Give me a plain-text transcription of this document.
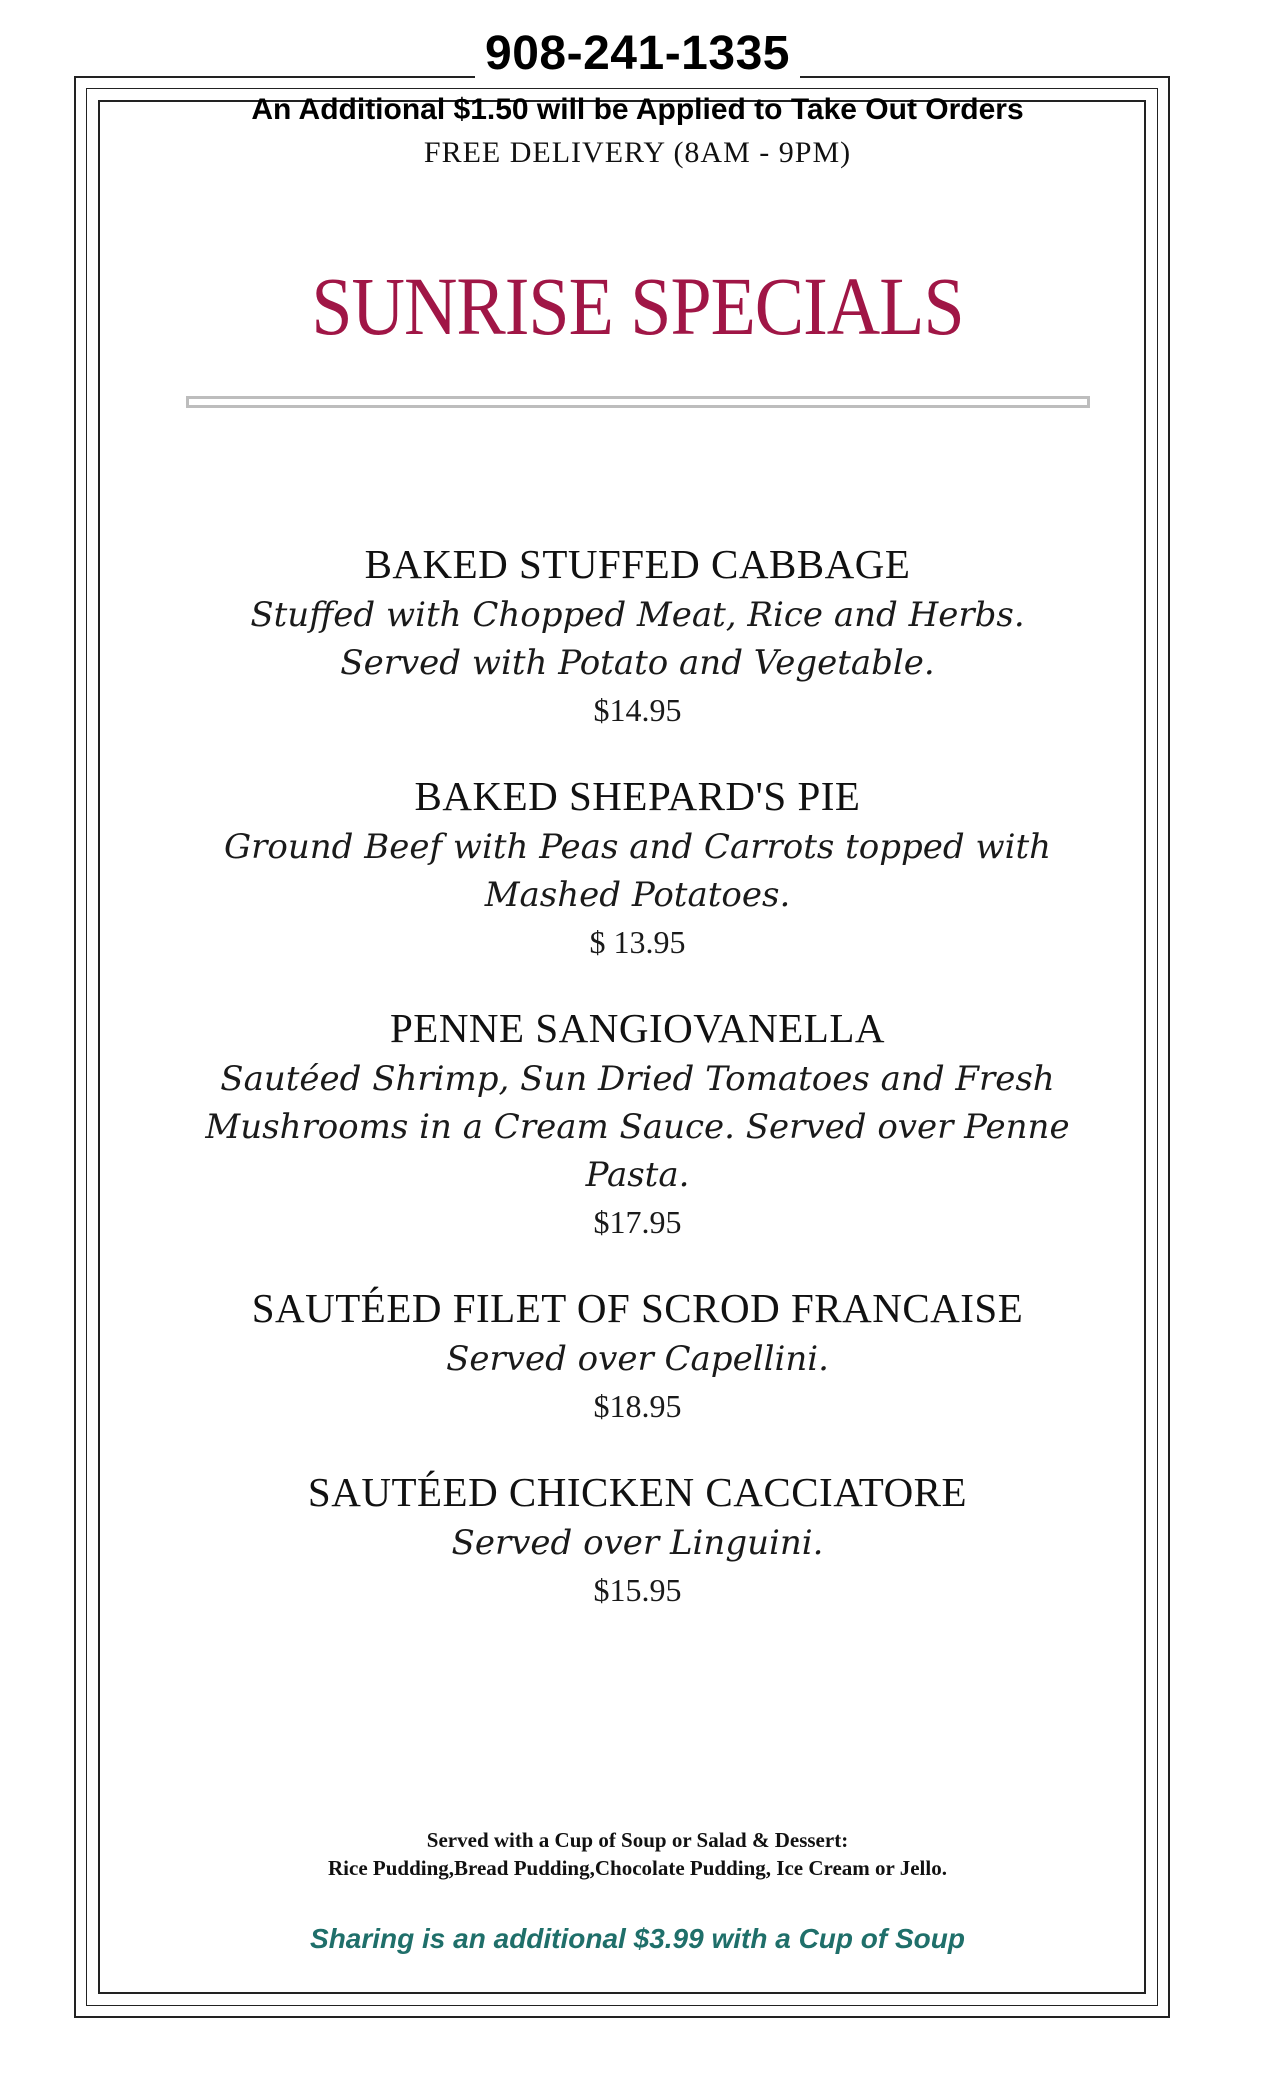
908-241-1335
An Additional $1.50 will be Applied to Take Out Orders
FREE DELIVERY (8AM - 9PM)
SUNRISE SPECIALS
BAKED STUFFED CABBAGE
Stuffed with Chopped Meat, Rice and Herbs. Served with Potato and Vegetable.
$14.95
BAKED SHEPARD'S PIE
Ground Beef with Peas and Carrots topped with Mashed Potatoes.
$ 13.95
PENNE SANGIOVANELLA
Sautéed Shrimp, Sun Dried Tomatoes and Fresh Mushrooms in a Cream Sauce. Served over Penne Pasta.
$17.95
SAUTÉED FILET OF SCROD FRANCAISE
Served over Capellini.
$18.95
SAUTÉED CHICKEN CACCIATORE
Served over Linguini.
$15.95
Served with a Cup of Soup or Salad & Dessert:
Rice Pudding,Bread Pudding,Chocolate Pudding, Ice Cream or Jello.
Sharing is an additional $3.99 with a Cup of Soup
